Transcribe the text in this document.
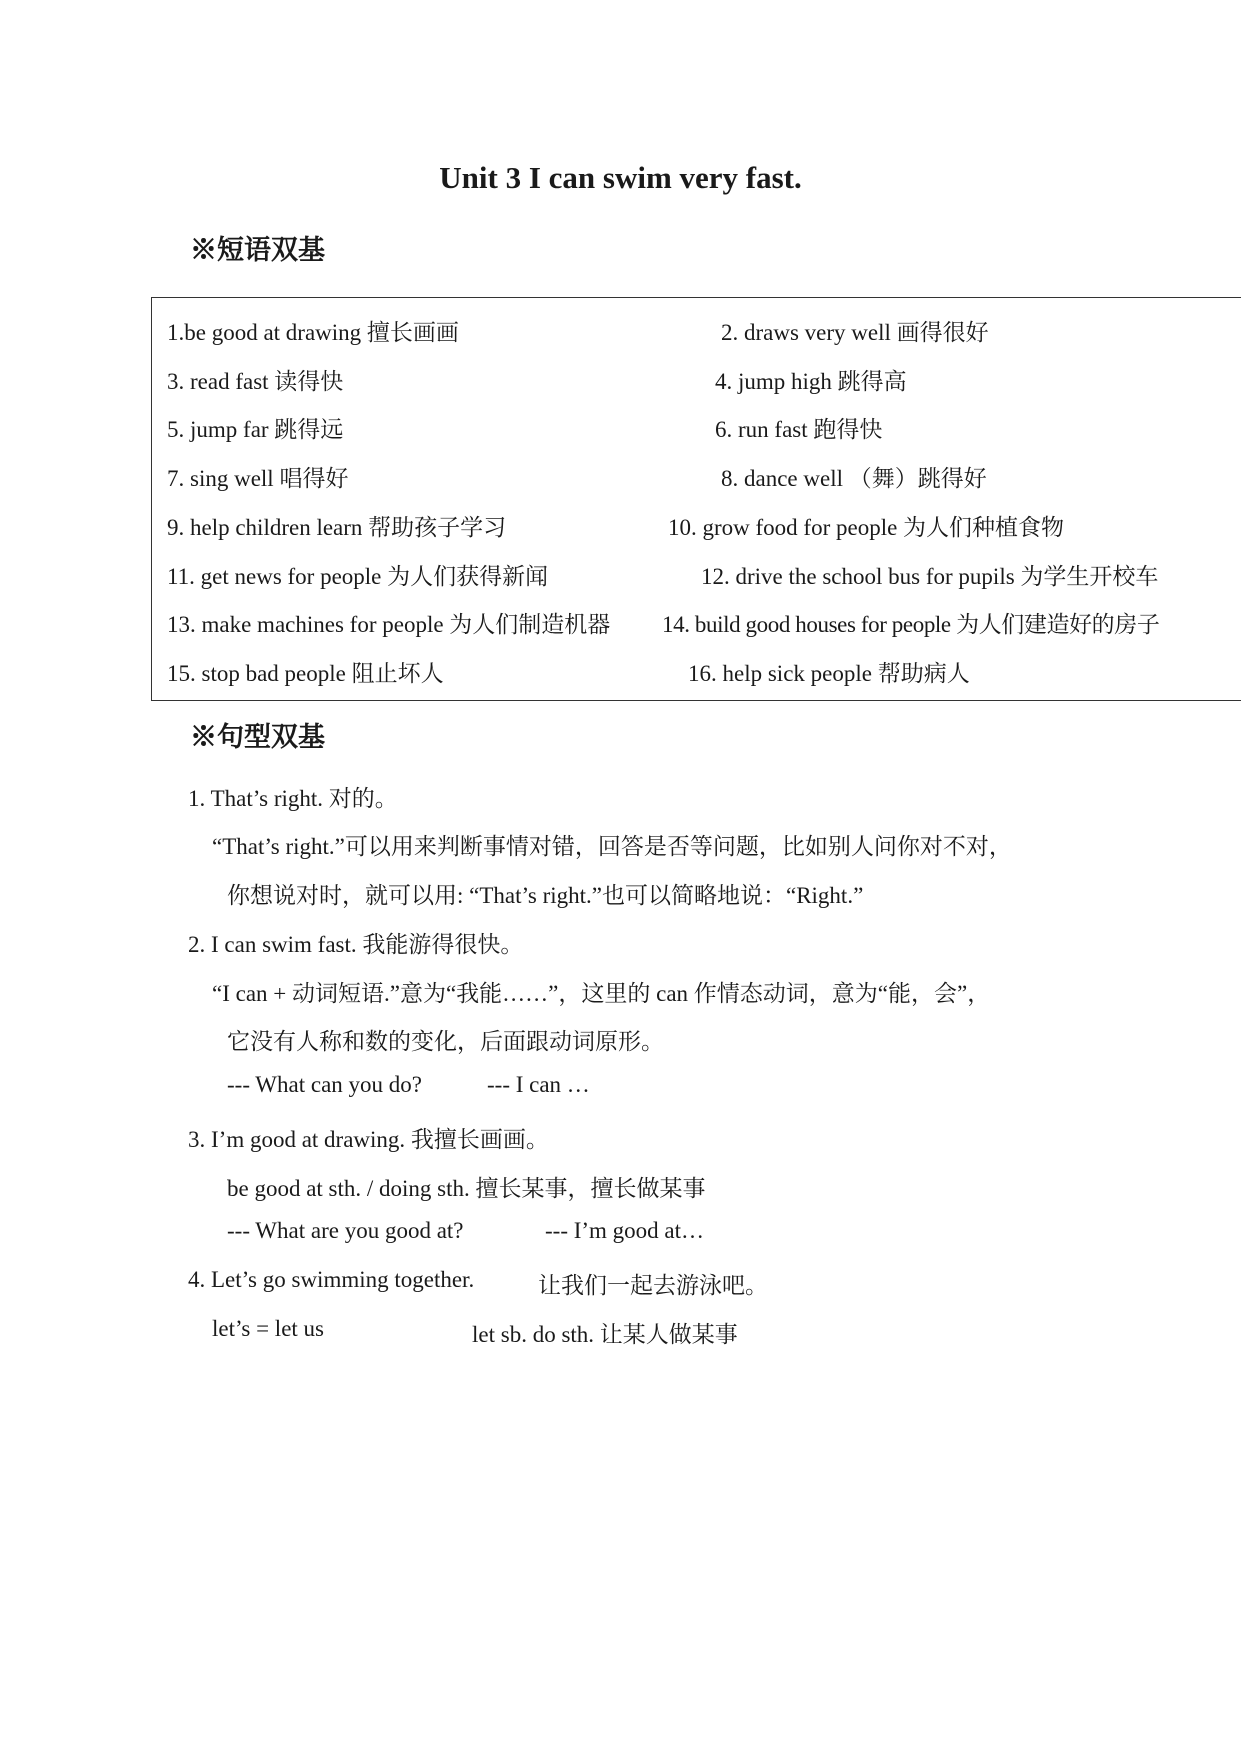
Unit 3 I can swim very fast.
※短语双基
1.be good at drawing 擅长画画	2. draws very well 画得很好
3. read fast 读得快	4. jump high 跳得高
5. jump far 跳得远	6. run fast 跑得快
7. sing well 唱得好	8. dance well （舞）跳得好
9. help children learn 帮助孩子学习	10. grow food for people 为人们种植食物
11. get news for people 为人们获得新闻	12. drive the school bus for pupils 为学生开校车
13. make machines for people 为人们制造机器 14. build good houses for people 为人们建造好的房子
15. stop bad people 阻止坏人	16. help sick people 帮助病人
※句型双基
1. That’s right. 对的。
“That’s right.”可以用来判断事情对错，回答是否等问题，比如别人问你对不对，
你想说对时，就可以用: “That’s right.”也可以简略地说：“Right.”
2. I can swim fast. 我能游得很快。
“I can + 动词短语.”意为“我能……”，这里的 can 作情态动词，意为“能，会”，
它没有人称和数的变化，后面跟动词原形。
--- What can you do?	--- I can …
3. I’m good at drawing. 我擅长画画。
be good at sth. / doing sth. 擅长某事，擅长做某事
--- What are you good at?	--- I’m good at…
4. Let’s go swimming together.	让我们一起去游泳吧。
let’s = let us	let sb. do sth. 让某人做某事
